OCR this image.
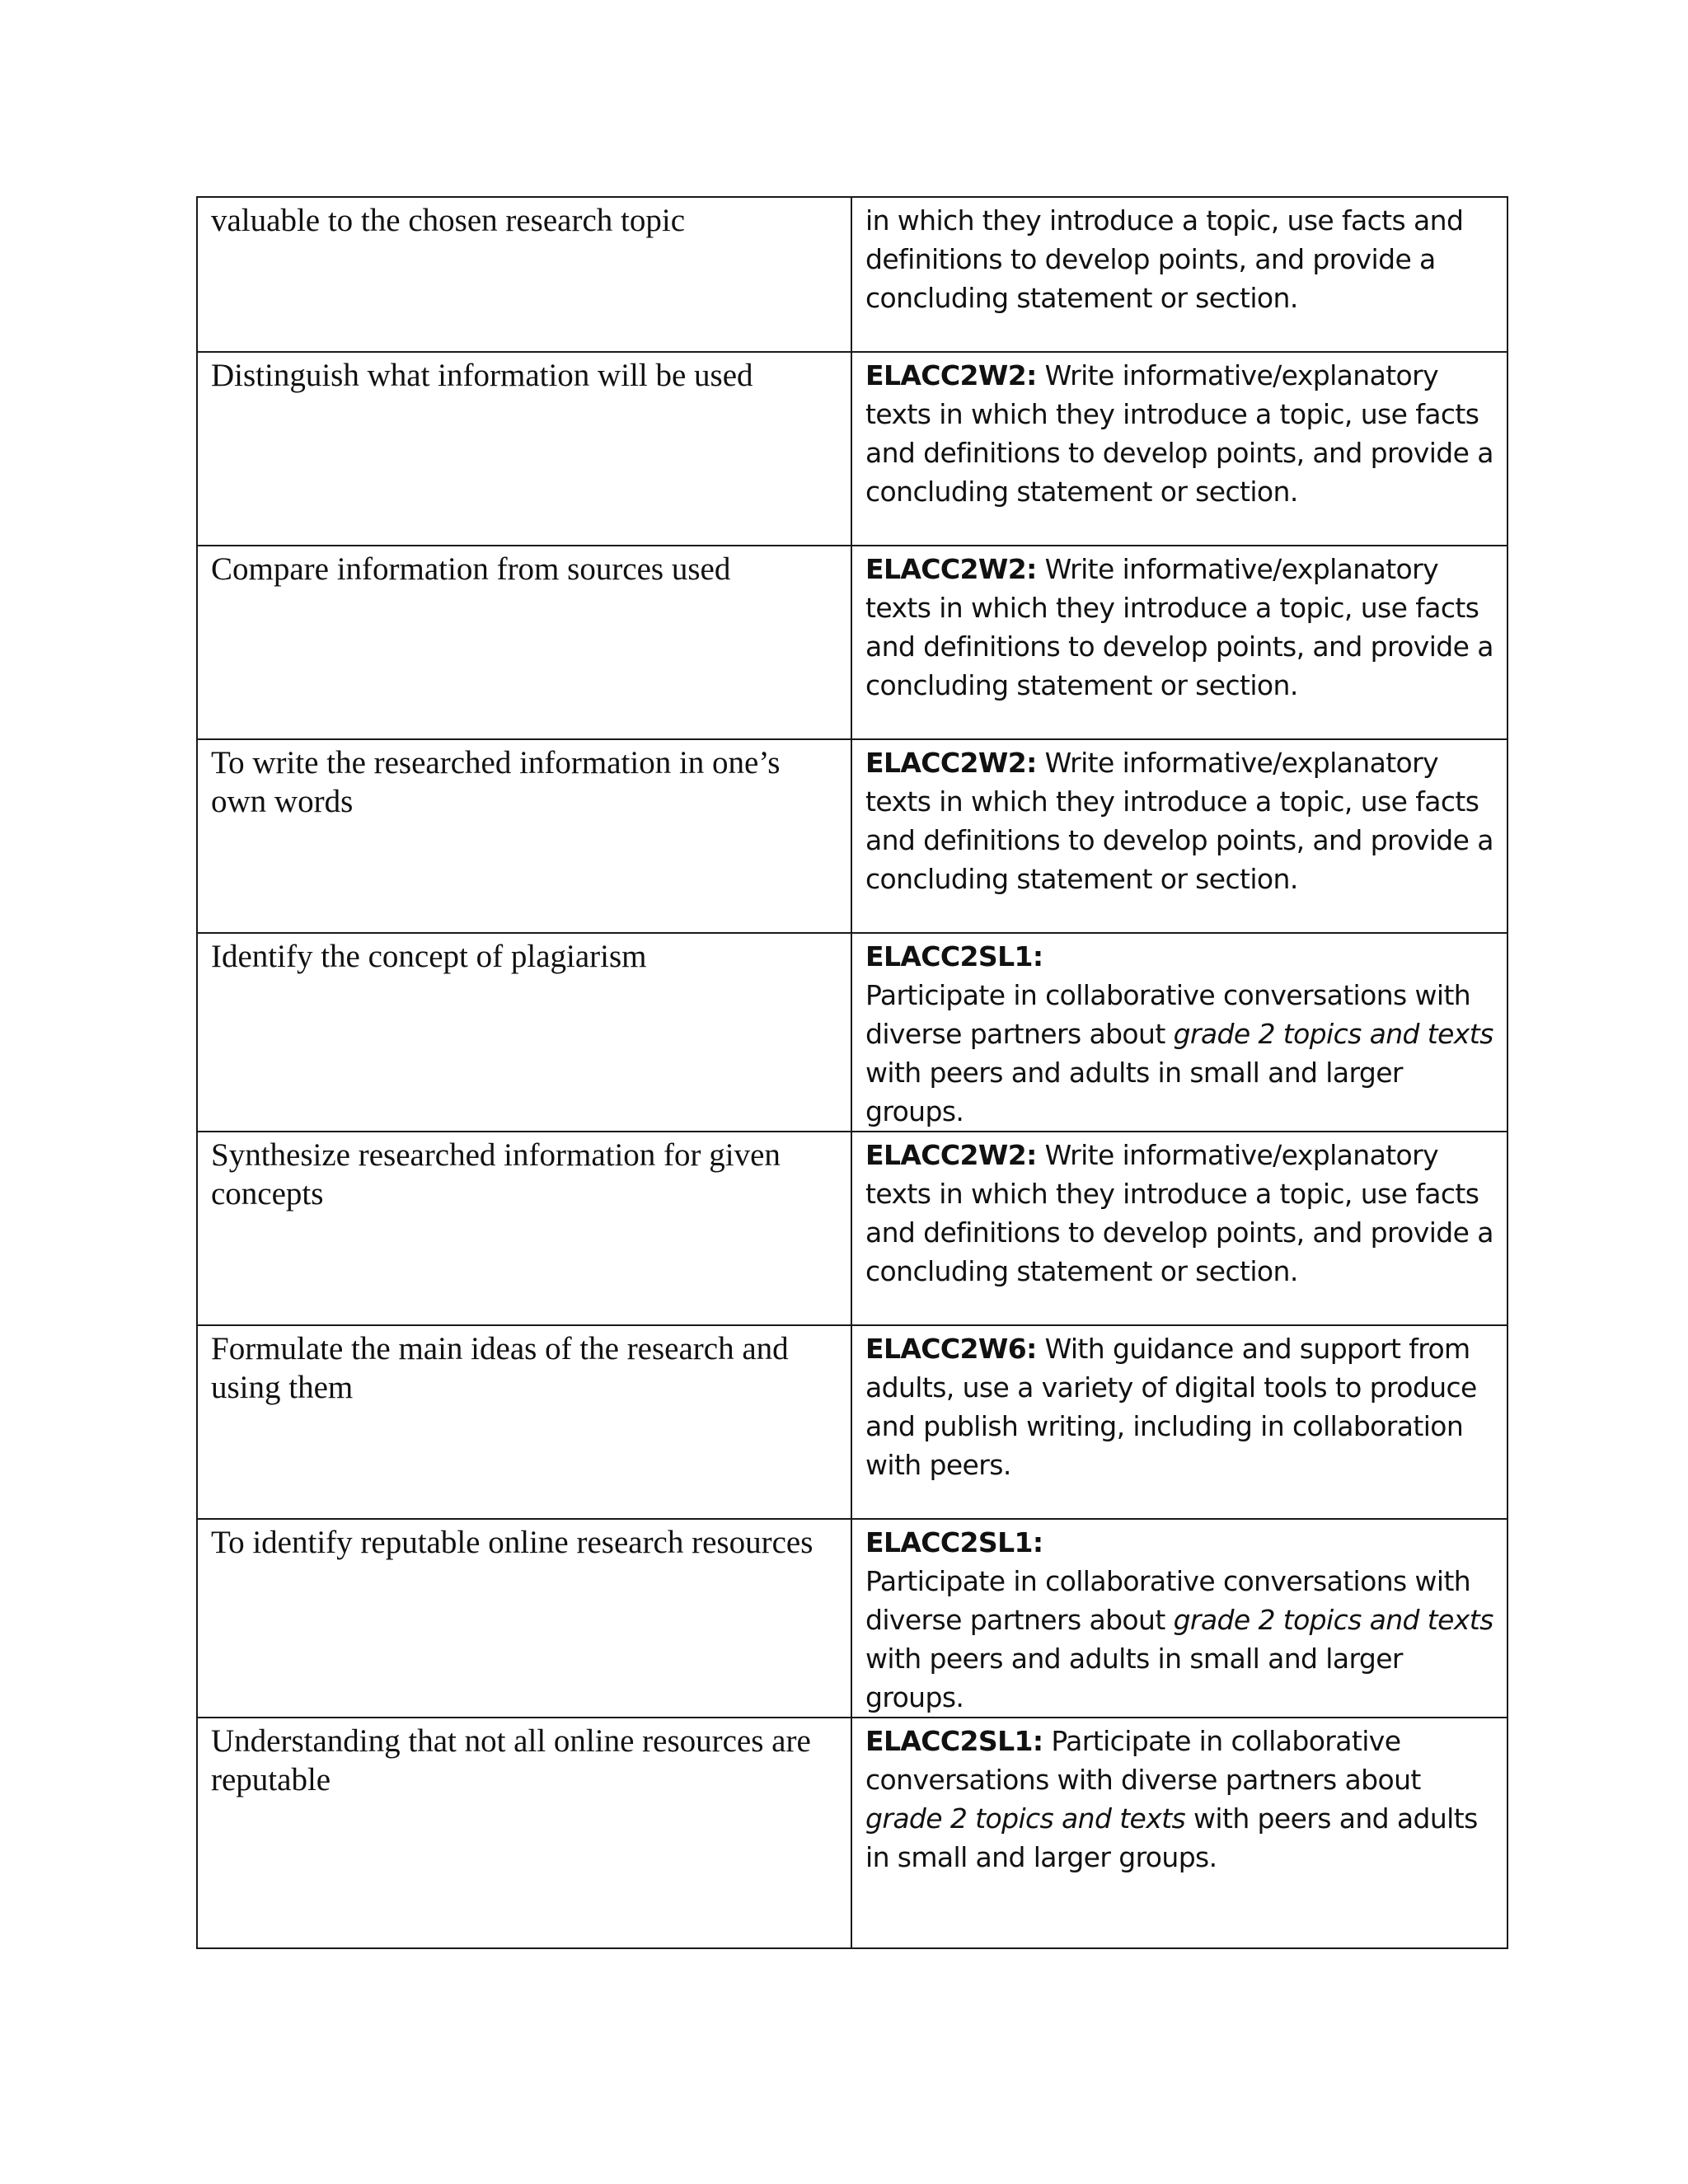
valuable to the chosen research topic	in which they introduce a topic, use facts and definitions to develop points, and provide a concluding statement or section.
Distinguish what information will be used	ELACC2W2: Write informative/explanatory texts in which they introduce a topic, use facts and definitions to develop points, and provide a concluding statement or section.
Compare information from sources used	ELACC2W2: Write informative/explanatory texts in which they introduce a topic, use facts and definitions to develop points, and provide a concluding statement or section.
To write the researched information in one’s own words	ELACC2W2: Write informative/explanatory texts in which they introduce a topic, use facts and definitions to develop points, and provide a concluding statement or section.
Identify the concept of plagiarism	ELACC2SL1:
Participate in collaborative conversations with diverse partners about grade 2 topics and texts with peers and adults in small and larger groups.
Synthesize researched information for given concepts	ELACC2W2: Write informative/explanatory texts in which they introduce a topic, use facts and definitions to develop points, and provide a concluding statement or section.
Formulate the main ideas of the research and using them	ELACC2W6: With guidance and support from adults, use a variety of digital tools to produce and publish writing, including in collaboration with peers.
To identify reputable online research resources	ELACC2SL1:
Participate in collaborative conversations with diverse partners about grade 2 topics and texts with peers and adults in small and larger groups.
Understanding that not all online resources are reputable	ELACC2SL1: Participate in collaborative conversations with diverse partners about grade 2 topics and texts with peers and adults in small and larger groups.
